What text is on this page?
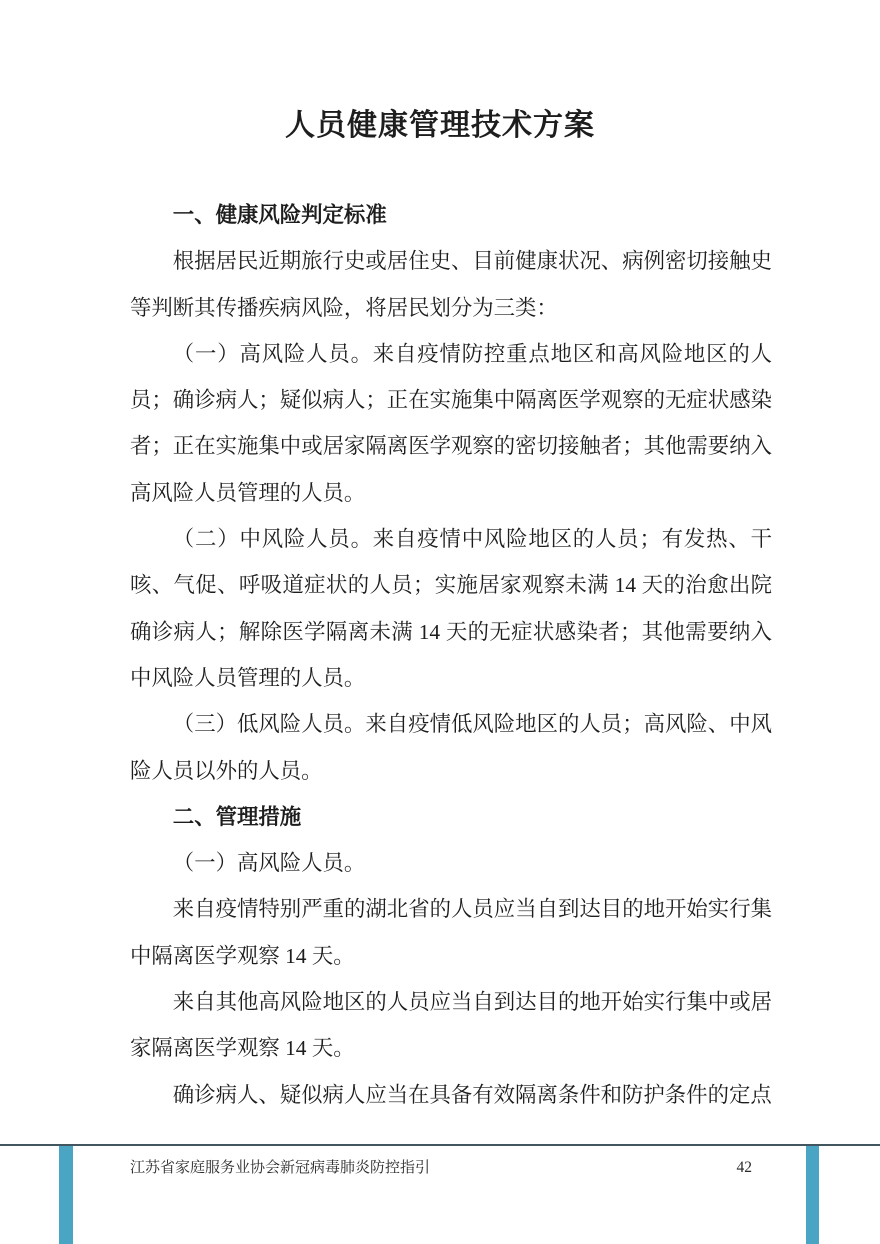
人员健康管理技术方案

一、健康风险判定标准

根据居民近期旅行史或居住史、目前健康状况、病例密切接触史等判断其传播疾病风险，将居民划分为三类：

（一）高风险人员。来自疫情防控重点地区和高风险地区的人员；确诊病人；疑似病人；正在实施集中隔离医学观察的无症状感染者；正在实施集中或居家隔离医学观察的密切接触者；其他需要纳入高风险人员管理的人员。

（二）中风险人员。来自疫情中风险地区的人员；有发热、干咳、气促、呼吸道症状的人员；实施居家观察未满 14 天的治愈出院确诊病人；解除医学隔离未满 14 天的无症状感染者；其他需要纳入中风险人员管理的人员。

（三）低风险人员。来自疫情低风险地区的人员；高风险、中风险人员以外的人员。

二、管理措施

（一）高风险人员。

来自疫情特别严重的湖北省的人员应当自到达目的地开始实行集中隔离医学观察 14 天。

来自其他高风险地区的人员应当自到达目的地开始实行集中或居家隔离医学观察 14 天。

确诊病人、疑似病人应当在具备有效隔离条件和防护条件的定点

江苏省家庭服务业协会新冠病毒肺炎防控指引	42
